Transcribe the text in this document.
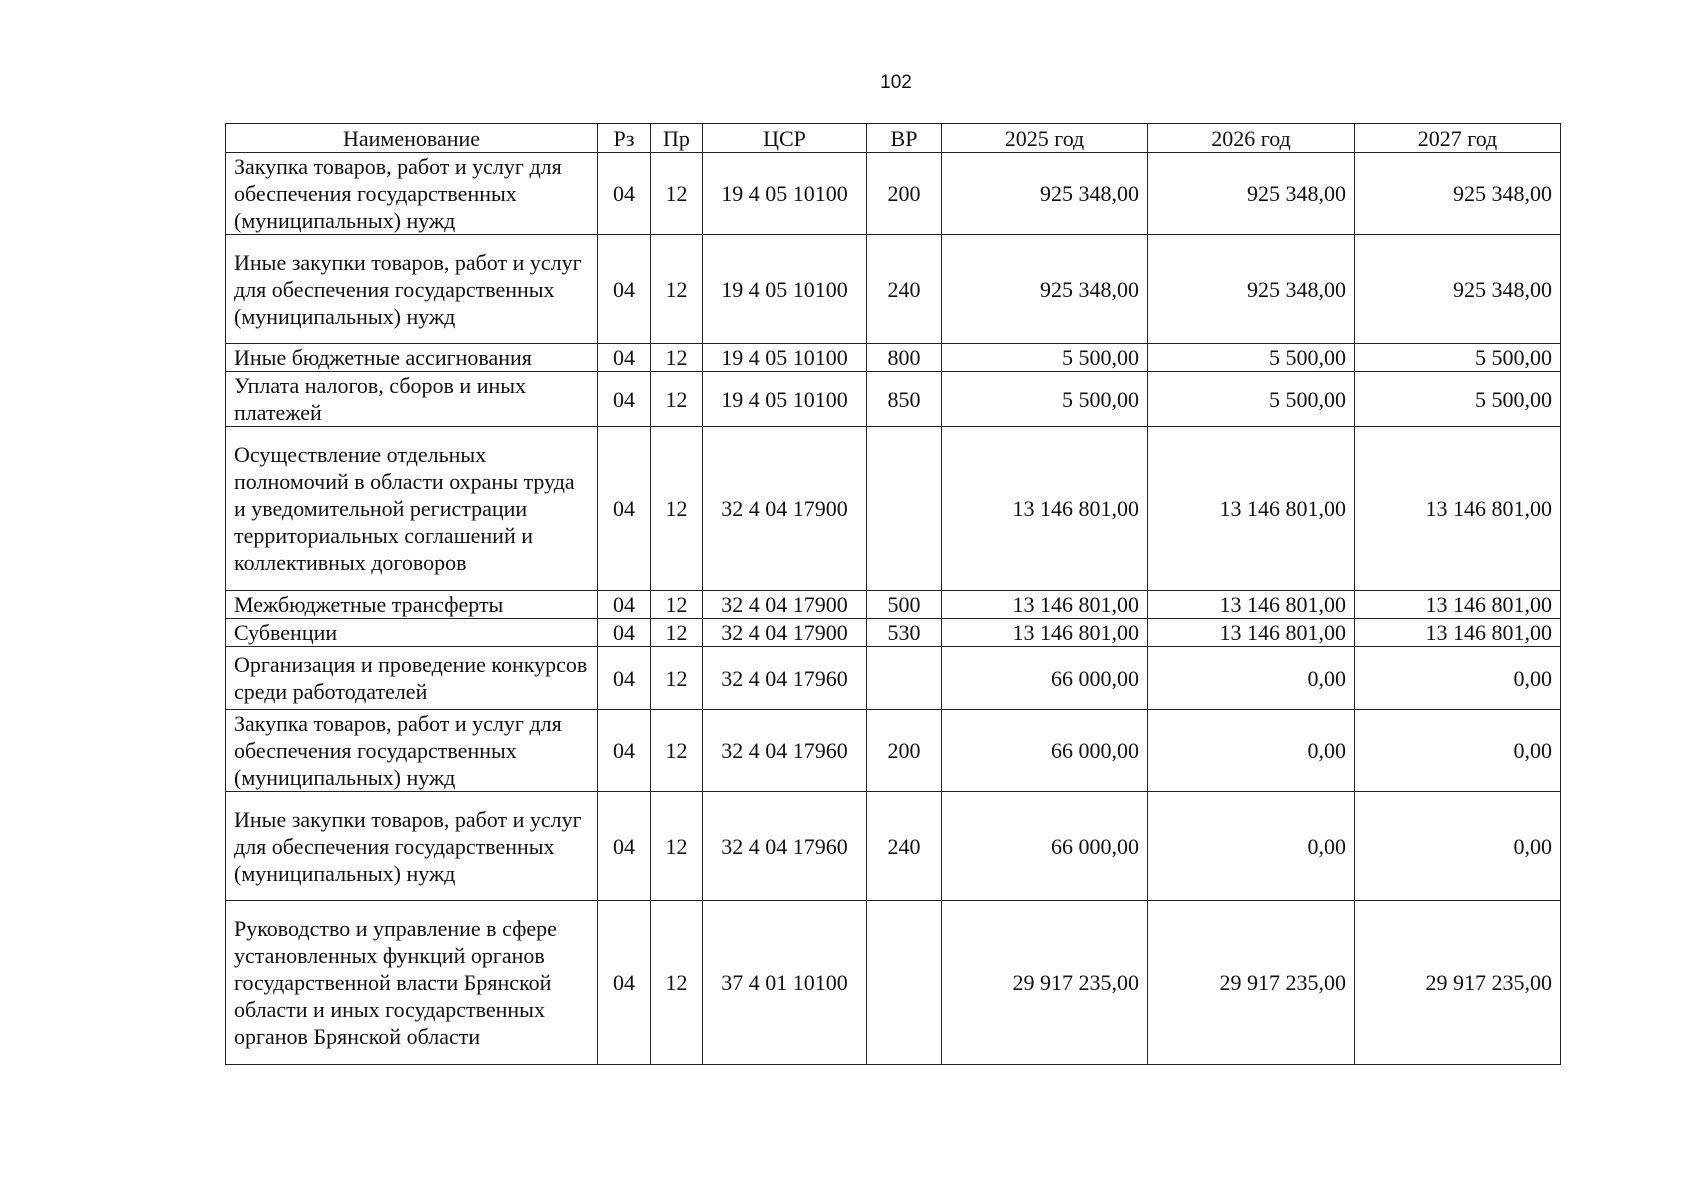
102
Наименование	Рз	Пр	ЦСР	ВР	2025 год	2026 год	2027 год
Закупка товаров, работ и услуг для обеспечения государственных (муниципальных) нужд	04	12	19 4 05 10100	200	925 348,00	925 348,00	925 348,00
Иные закупки товаров, работ и услуг для обеспечения государственных (муниципальных) нужд	04	12	19 4 05 10100	240	925 348,00	925 348,00	925 348,00
Иные бюджетные ассигнования	04	12	19 4 05 10100	800	5 500,00	5 500,00	5 500,00
Уплата налогов, сборов и иных платежей	04	12	19 4 05 10100	850	5 500,00	5 500,00	5 500,00
Осуществление отдельных полномочий в области охраны труда и уведомительной регистрации территориальных соглашений и коллективных договоров	04	12	32 4 04 17900		13 146 801,00	13 146 801,00	13 146 801,00
Межбюджетные трансферты	04	12	32 4 04 17900	500	13 146 801,00	13 146 801,00	13 146 801,00
Субвенции	04	12	32 4 04 17900	530	13 146 801,00	13 146 801,00	13 146 801,00
Организация и проведение конкурсов среди работодателей	04	12	32 4 04 17960		66 000,00	0,00	0,00
Закупка товаров, работ и услуг для обеспечения государственных (муниципальных) нужд	04	12	32 4 04 17960	200	66 000,00	0,00	0,00
Иные закупки товаров, работ и услуг для обеспечения государственных (муниципальных) нужд	04	12	32 4 04 17960	240	66 000,00	0,00	0,00
Руководство и управление в сфере установленных функций органов государственной власти Брянской области и иных государственных органов Брянской области	04	12	37 4 01 10100		29 917 235,00	29 917 235,00	29 917 235,00
